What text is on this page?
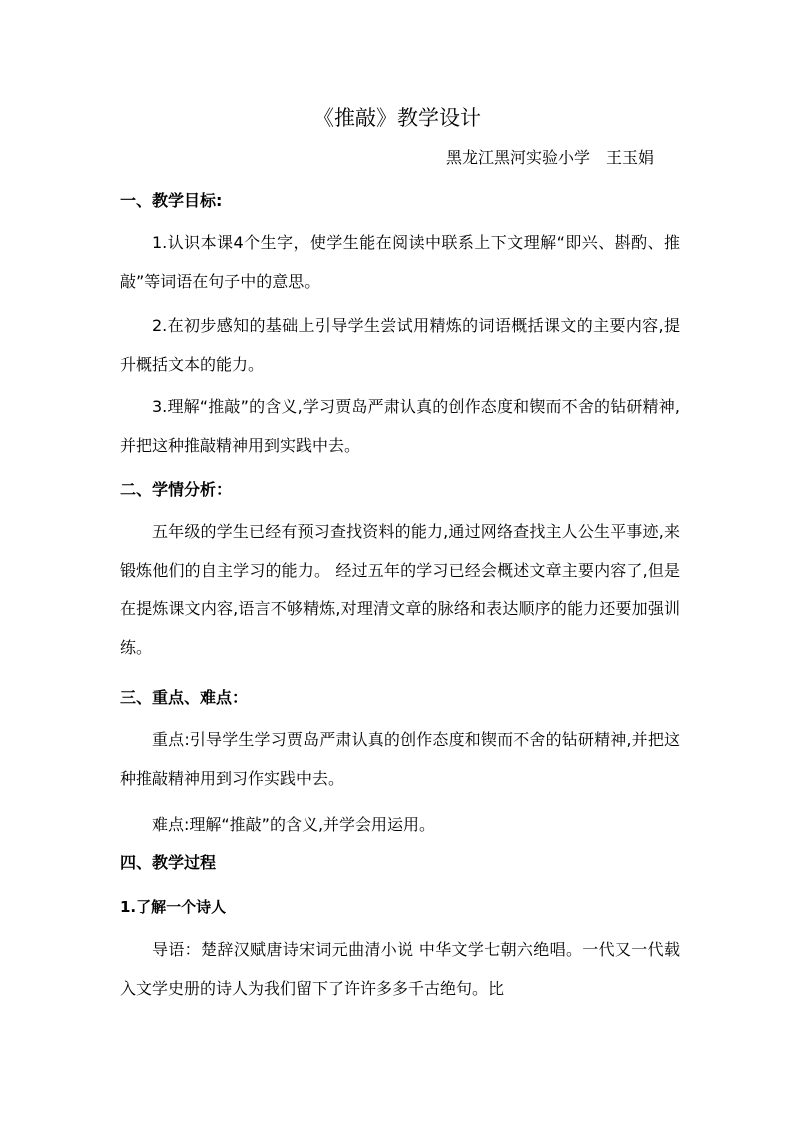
《推敲》教学设计
黑龙江黑河实验小学　王玉娟
一、教学目标:
1.认识本课4个生字，使学生能在阅读中联系上下文理解“即兴、斟酌、推敲”等词语在句子中的意思。
2.在初步感知的基础上引导学生尝试用精炼的词语概括课文的主要内容,提升概括文本的能力。
3.理解“推敲”的含义,学习贾岛严肃认真的创作态度和锲而不舍的钻研精神,并把这种推敲精神用到实践中去。
二、学情分析：
五年级的学生已经有预习查找资料的能力,通过网络查找主人公生平事迹,来锻炼他们的自主学习的能力。 经过五年的学习已经会概述文章主要内容了,但是在提炼课文内容,语言不够精炼,对理清文章的脉络和表达顺序的能力还要加强训练。
三、重点、难点：
重点:引导学生学习贾岛严肃认真的创作态度和锲而不舍的钻研精神,并把这种推敲精神用到习作实践中去。
难点:理解“推敲”的含义,并学会用运用。
四、教学过程
1.了解一个诗人
导语：楚辞汉赋唐诗宋词元曲清小说 中华文学七朝六绝唱。一代又一代载入文学史册的诗人为我们留下了许许多多千古绝句。比
